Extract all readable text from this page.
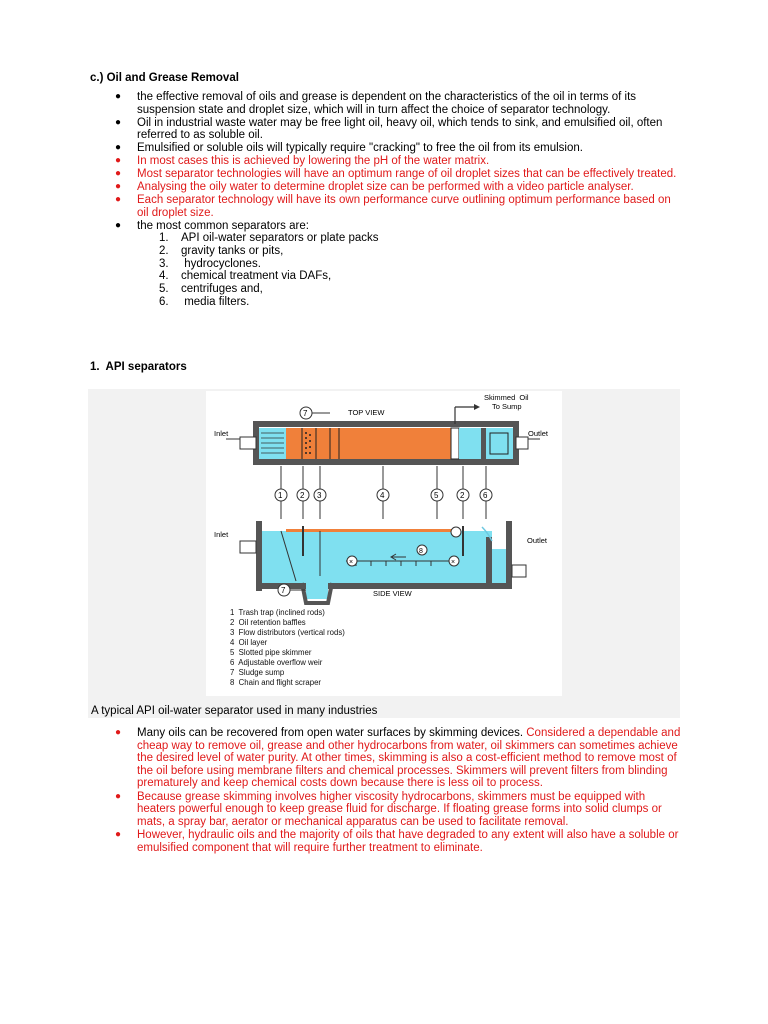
c.) Oil and Grease Removal
● the effective removal of oils and grease is dependent on the characteristics of the oil in terms of its suspension state and droplet size, which will in turn affect the choice of separator technology.
● Oil in industrial waste water may be free light oil, heavy oil, which tends to sink, and emulsified oil, often referred to as soluble oil.
● Emulsified or soluble oils will typically require "cracking" to free the oil from its emulsion.
● In most cases this is achieved by lowering the pH of the water matrix.
● Most separator technologies will have an optimum range of oil droplet sizes that can be effectively treated.
● Analysing the oily water to determine droplet size can be performed with a video particle analyser.
● Each separator technology will have its own performance curve outlining optimum performance based on oil droplet size.
● the most common separators are:
1. API oil-water separators or plate packs
2. gravity tanks or pits,
3. hydrocyclones.
4. chemical treatment via DAFs,
5. centrifuges and,
6. media filters.
1.  API separators
Inlet	Outlet
Skimmed  Oil
To Sump
7	TOP VIEW
1 2 3	4	5	2 6
×	×
8
Inlet
Outlet
7	SIDE VIEW
1  Trash trap (inclined rods)
2  Oil retention baffles
3  Flow distributors (vertical rods)
4  Oil layer
5  Slotted pipe skimmer
6  Adjustable overflow weir
7  Sludge sump
8  Chain and flight scraper
A typical API oil-water separator used in many industries
● Many oils can be recovered from open water surfaces by skimming devices. Considered a dependable and cheap way to remove oil, grease and other hydrocarbons from water, oil skimmers can sometimes achieve the desired level of water purity. At other times, skimming is also a cost-efficient method to remove most of the oil before using membrane filters and chemical processes. Skimmers will prevent filters from blinding prematurely and keep chemical costs down because there is less oil to process.
● Because grease skimming involves higher viscosity hydrocarbons, skimmers must be equipped with heaters powerful enough to keep grease fluid for discharge. If floating grease forms into solid clumps or mats, a spray bar, aerator or mechanical apparatus can be used to facilitate removal.
● However, hydraulic oils and the majority of oils that have degraded to any extent will also have a soluble or emulsified component that will require further treatment to eliminate.
